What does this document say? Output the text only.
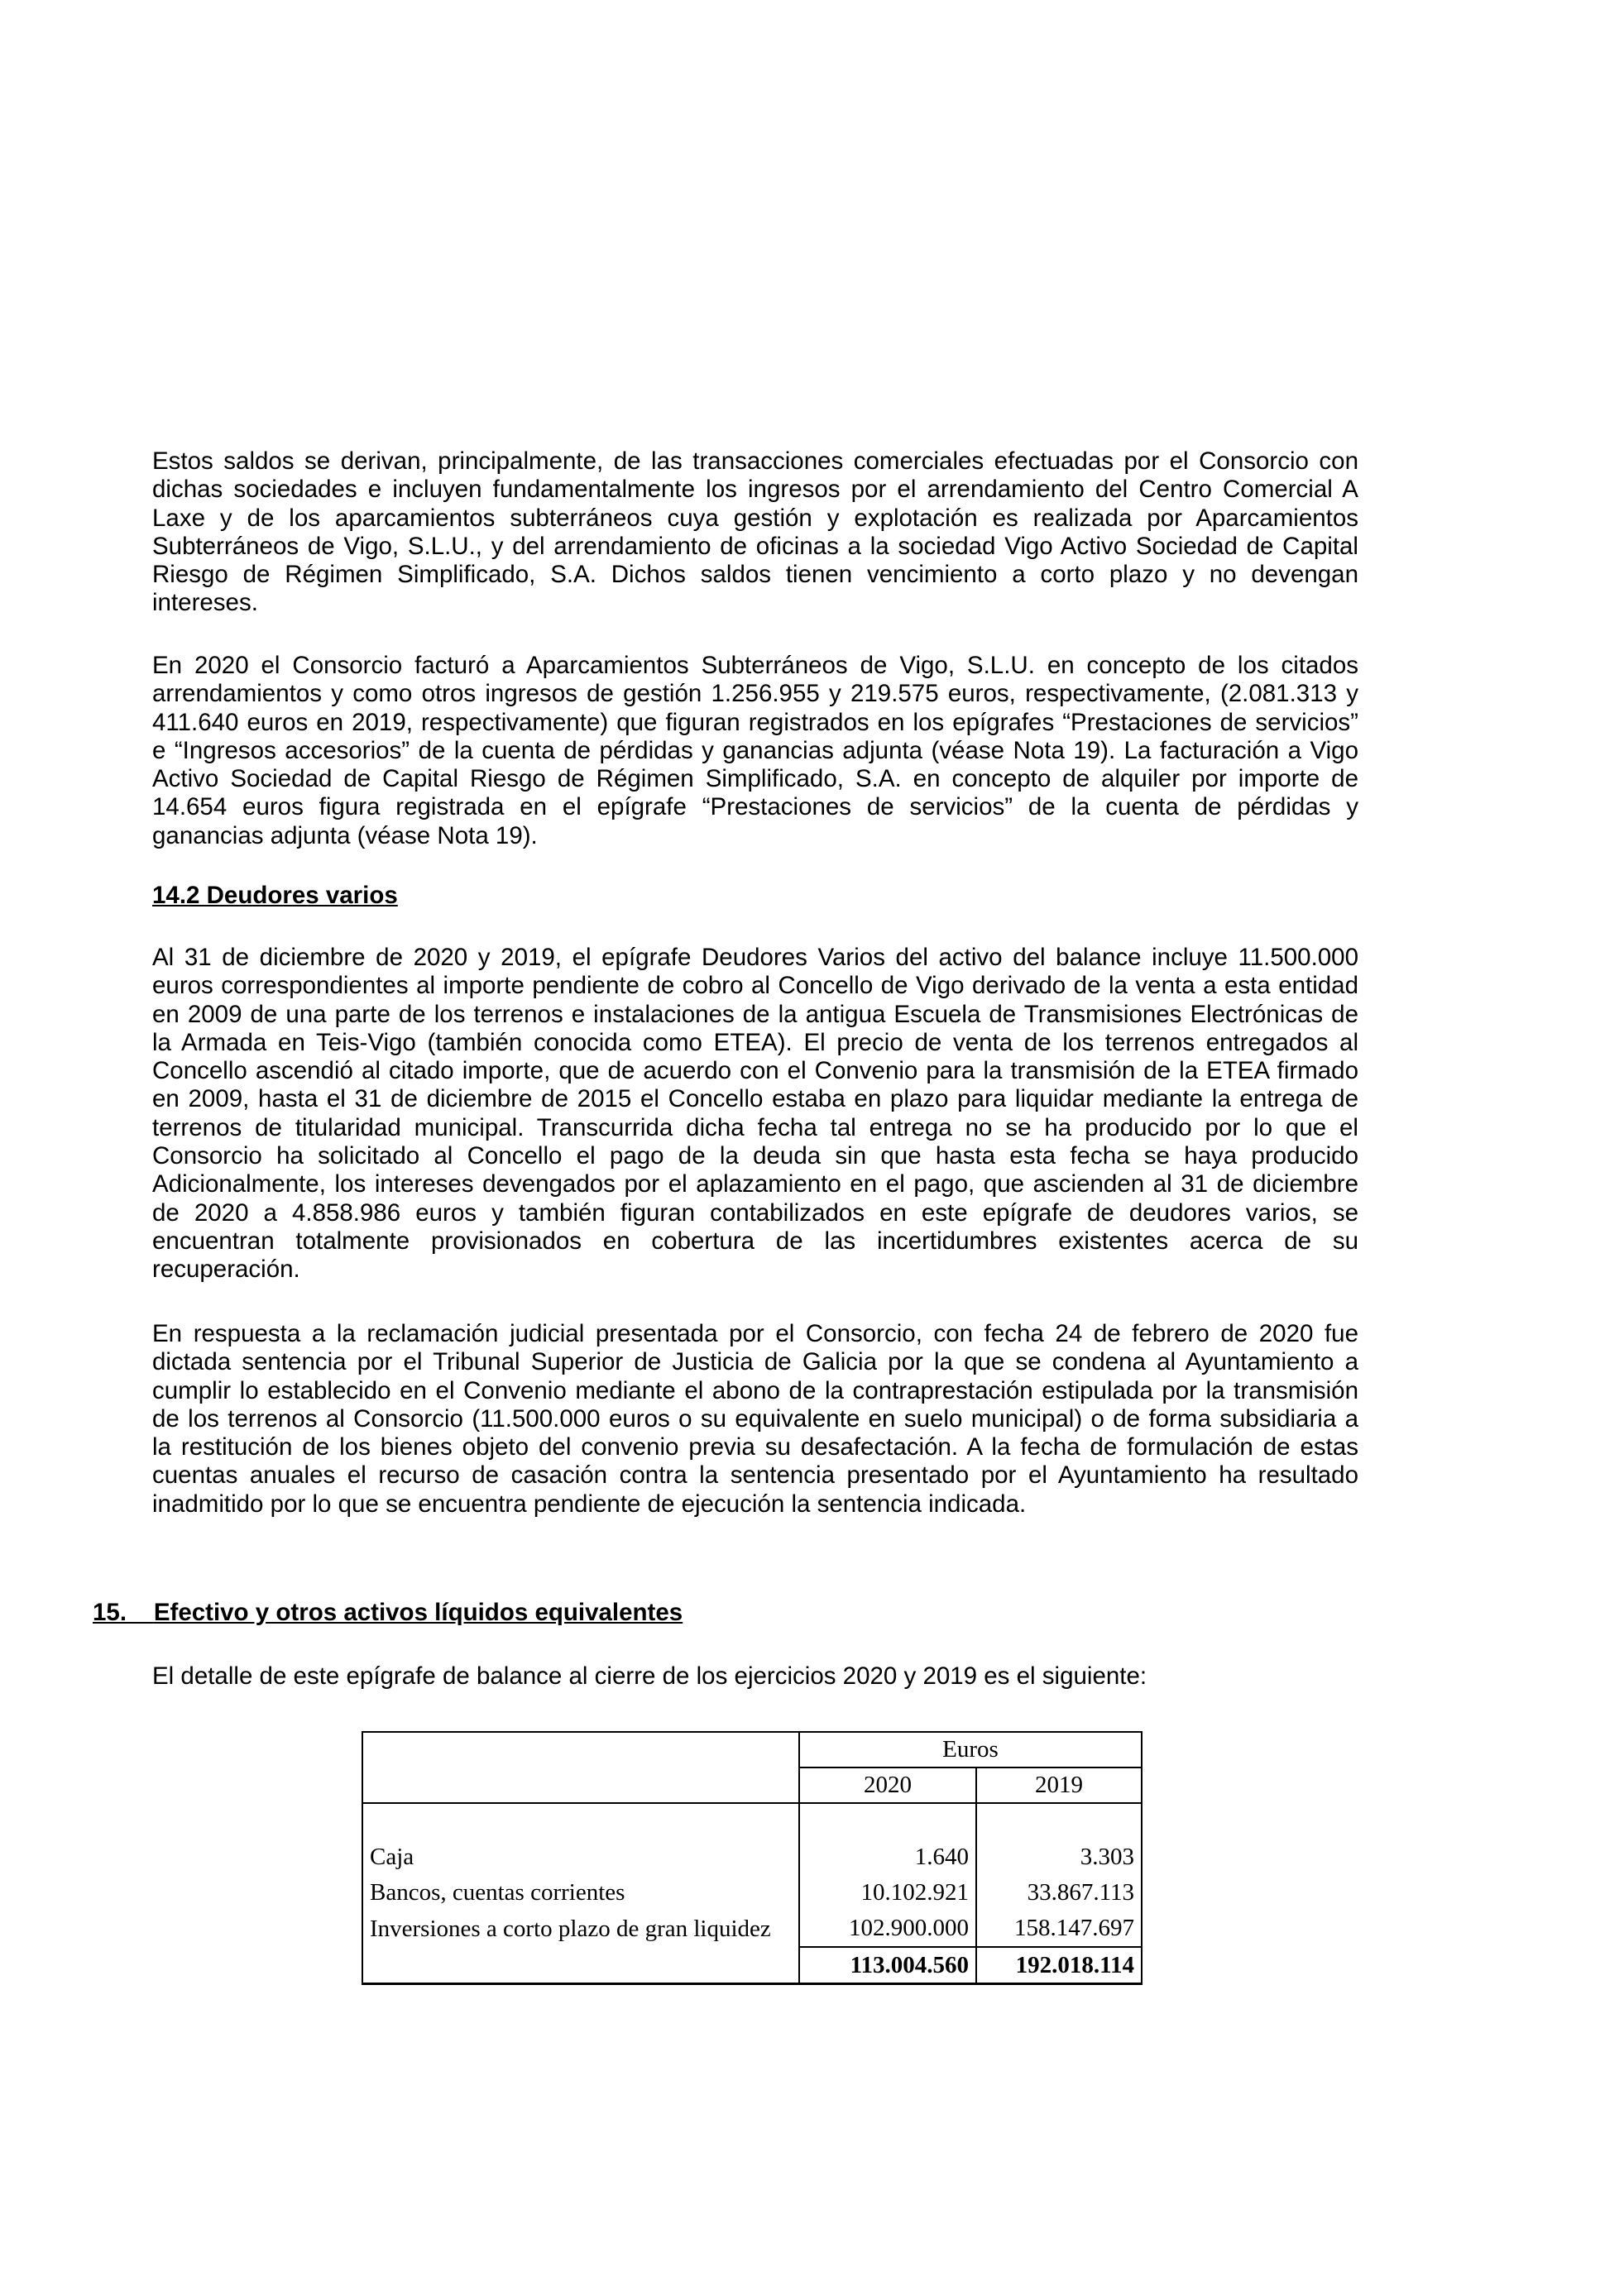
Estos saldos se derivan, principalmente, de las transacciones comerciales efectuadas por el Consorcio con
dichas sociedades e incluyen fundamentalmente los ingresos por el arrendamiento del Centro Comercial A
Laxe y de los aparcamientos subterráneos cuya gestión y explotación es realizada por Aparcamientos
Subterráneos de Vigo, S.L.U., y del arrendamiento de oficinas a la sociedad Vigo Activo Sociedad de Capital
Riesgo de Régimen Simplificado, S.A. Dichos saldos tienen vencimiento a corto plazo y no devengan
intereses.
En 2020 el Consorcio facturó a Aparcamientos Subterráneos de Vigo, S.L.U. en concepto de los citados
arrendamientos y como otros ingresos de gestión 1.256.955 y 219.575 euros, respectivamente, (2.081.313 y
411.640 euros en 2019, respectivamente) que figuran registrados en los epígrafes “Prestaciones de servicios”
e “Ingresos accesorios” de la cuenta de pérdidas y ganancias adjunta (véase Nota 19). La facturación a Vigo
Activo Sociedad de Capital Riesgo de Régimen Simplificado, S.A. en concepto de alquiler por importe de
14.654 euros figura registrada en el epígrafe “Prestaciones de servicios” de la cuenta de pérdidas y
ganancias adjunta (véase Nota 19).
14.2 Deudores varios
Al 31 de diciembre de 2020 y 2019, el epígrafe Deudores Varios del activo del balance incluye 11.500.000
euros correspondientes al importe pendiente de cobro al Concello de Vigo derivado de la venta a esta entidad
en 2009 de una parte de los terrenos e instalaciones de la antigua Escuela de Transmisiones Electrónicas de
la Armada en Teis-Vigo (también conocida como ETEA). El precio de venta de los terrenos entregados al
Concello ascendió al citado importe, que de acuerdo con el Convenio para la transmisión de la ETEA firmado
en 2009, hasta el 31 de diciembre de 2015 el Concello estaba en plazo para liquidar mediante la entrega de
terrenos de titularidad municipal. Transcurrida dicha fecha tal entrega no se ha producido por lo que el
Consorcio ha solicitado al Concello el pago de la deuda sin que hasta esta fecha se haya producido
Adicionalmente, los intereses devengados por el aplazamiento en el pago, que ascienden al 31 de diciembre
de 2020 a 4.858.986 euros y también figuran contabilizados en este epígrafe de deudores varios, se
encuentran totalmente provisionados en cobertura de las incertidumbres existentes acerca de su
recuperación.
En respuesta a la reclamación judicial presentada por el Consorcio, con fecha 24 de febrero de 2020 fue
dictada sentencia por el Tribunal Superior de Justicia de Galicia por la que se condena al Ayuntamiento a
cumplir lo establecido en el Convenio mediante el abono de la contraprestación estipulada por la transmisión
de los terrenos al Consorcio (11.500.000 euros o su equivalente en suelo municipal) o de forma subsidiaria a
la restitución de los bienes objeto del convenio previa su desafectación. A la fecha de formulación de estas
cuentas anuales el recurso de casación contra la sentencia presentado por el Ayuntamiento ha resultado
inadmitido por lo que se encuentra pendiente de ejecución la sentencia indicada.
15. Efectivo y otros activos líquidos equivalentes
El detalle de este epígrafe de balance al cierre de los ejercicios 2020 y 2019 es el siguiente:
	Euros	
	2020	2019

Caja	1.640	3.303
Bancos, cuentas corrientes	10.102.921	33.867.113
Inversiones a corto plazo de gran liquidez	102.900.000	158.147.697
	113.004.560	192.018.114
